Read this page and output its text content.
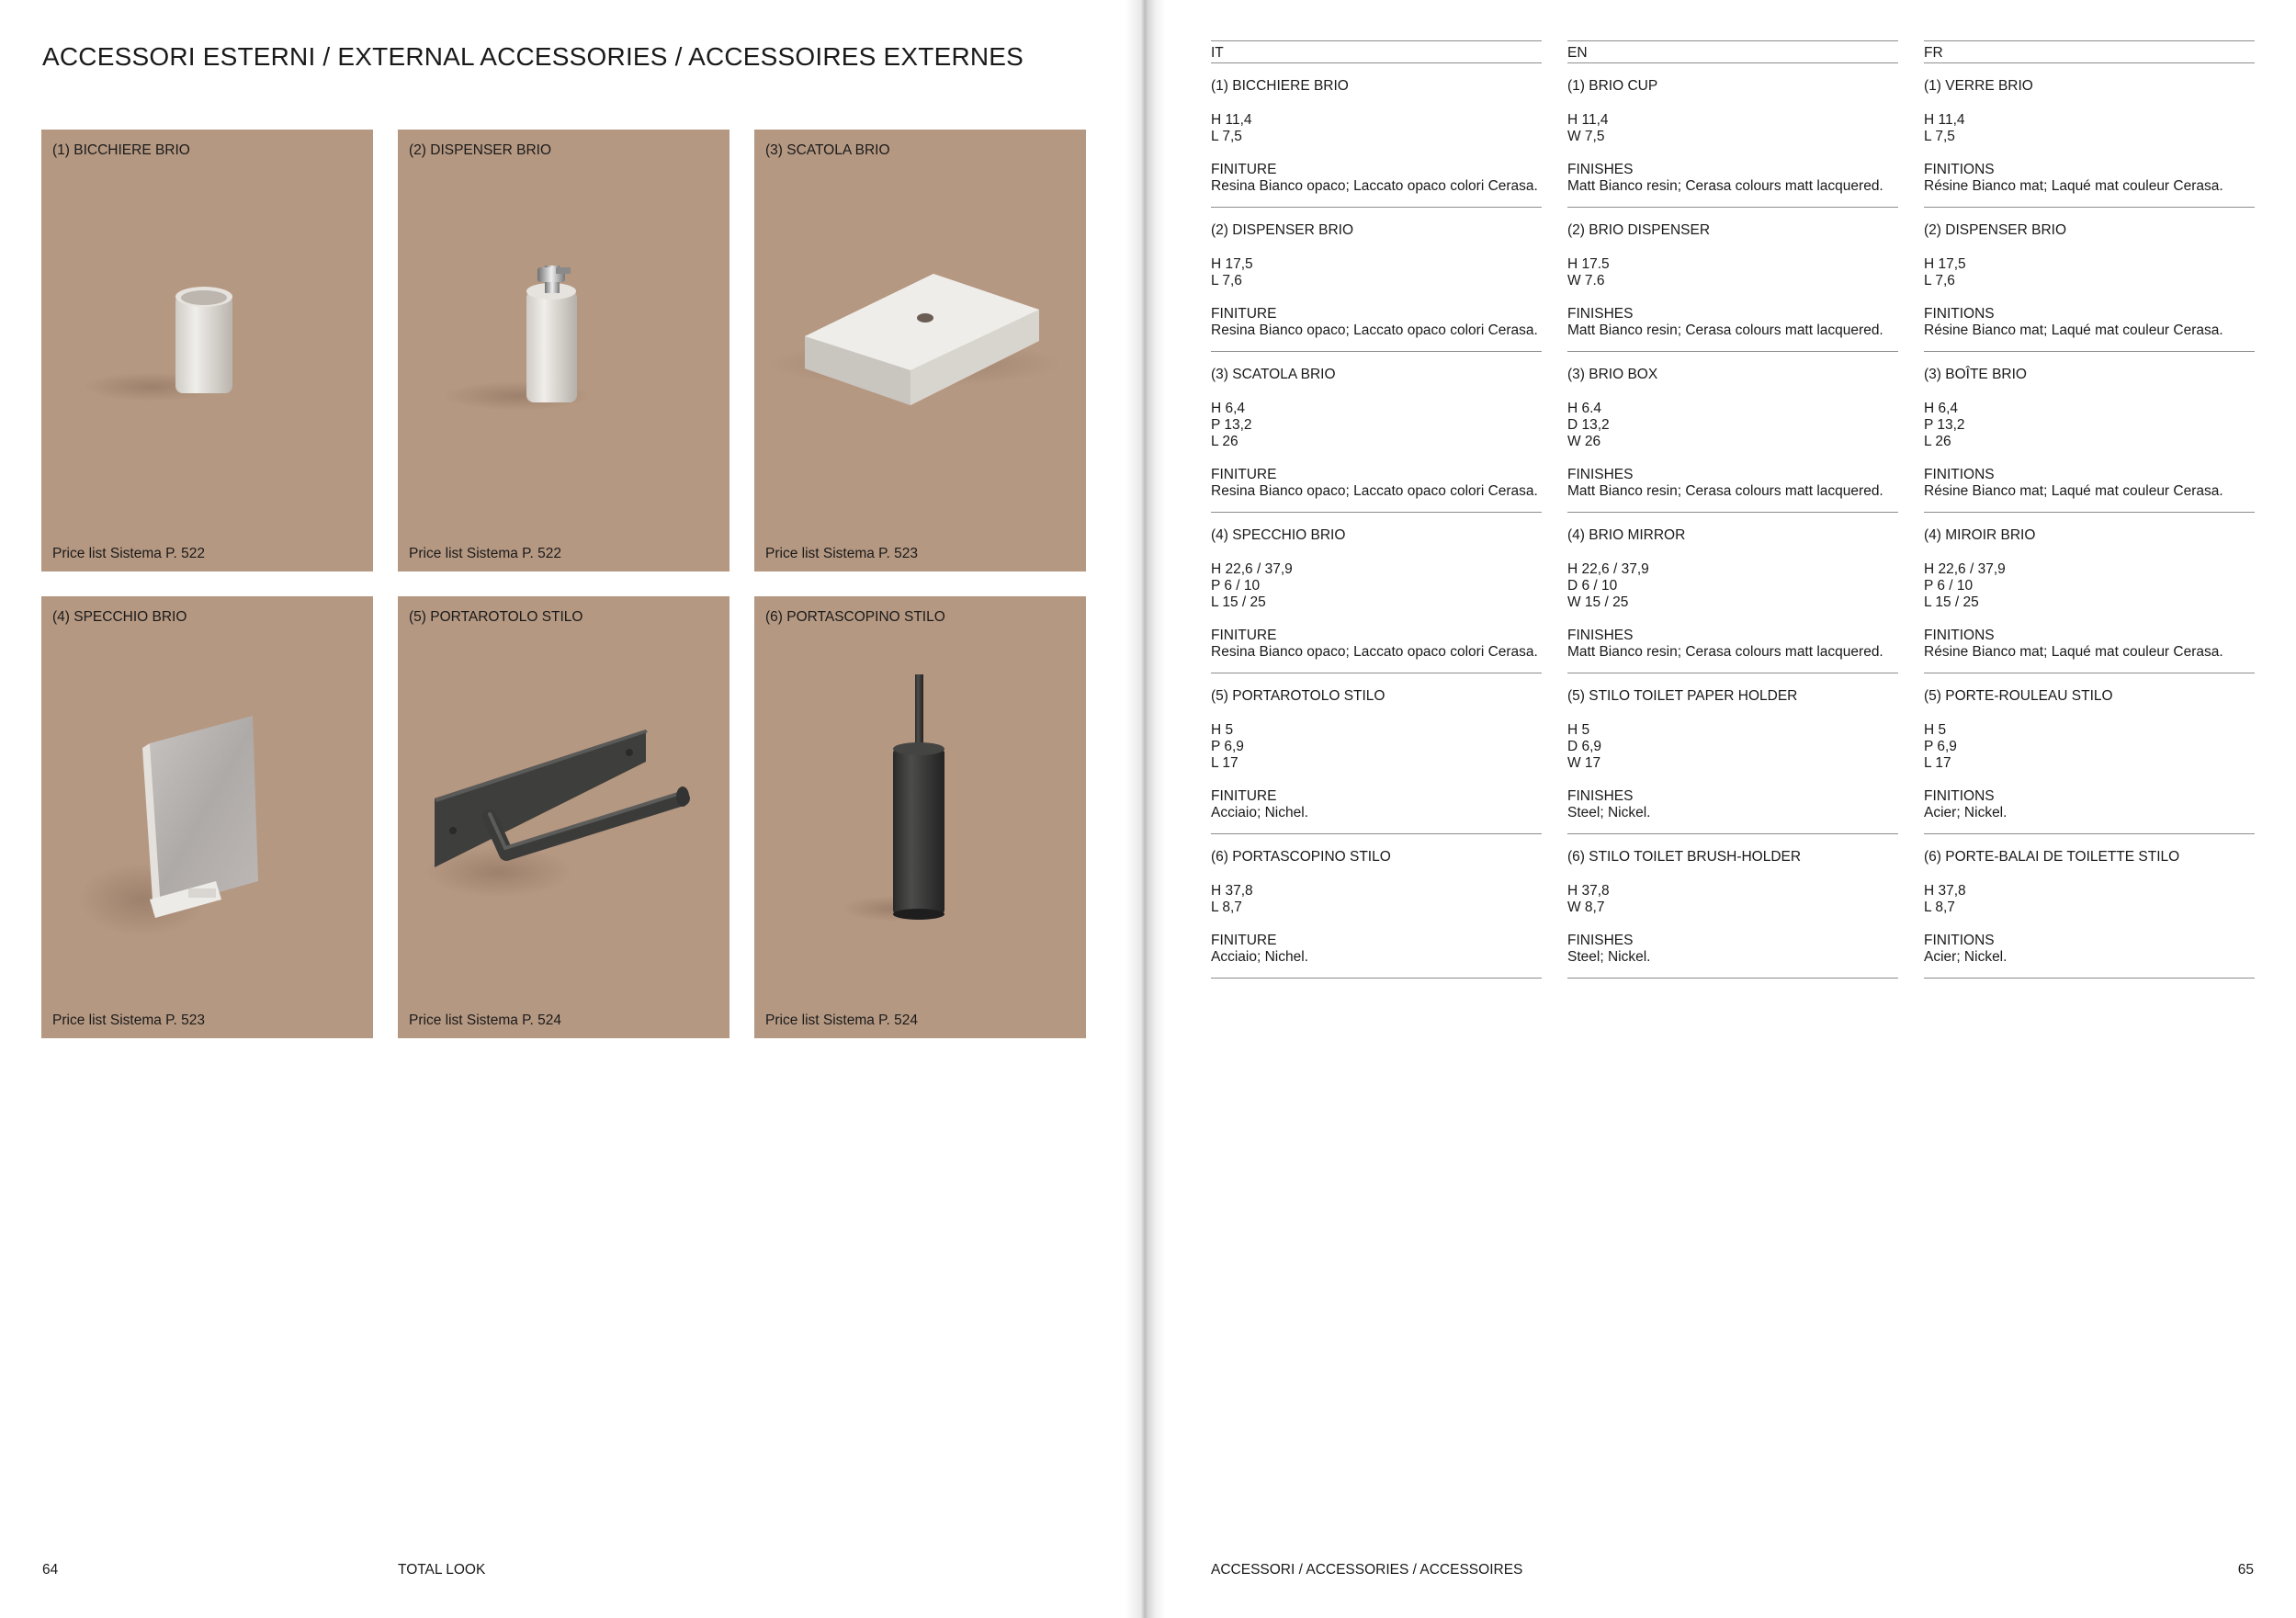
ACCESSORI ESTERNI / EXTERNAL ACCESSORIES / ACCESSOIRES EXTERNES
(1) BICCHIERE BRIO
Price list Sistema P. 522
(2) DISPENSER BRIO
Price list Sistema P. 522
(3) SCATOLA BRIO
Price list Sistema P. 523
(4) SPECCHIO BRIO
Price list Sistema P. 523
(5) PORTAROTOLO STILO
Price list Sistema P. 524
(6) PORTASCOPINO STILO
Price list Sistema P. 524
64	TOTAL LOOK
IT
(1) BICCHIERE BRIO
H 11,4
L 7,5
FINITURE
Resina Bianco opaco; Laccato opaco colori Cerasa.
(2) DISPENSER BRIO
H 17,5
L 7,6
FINITURE
Resina Bianco opaco; Laccato opaco colori Cerasa.
(3) SCATOLA BRIO
H 6,4
P 13,2
L 26
FINITURE
Resina Bianco opaco; Laccato opaco colori Cerasa.
(4) SPECCHIO BRIO
H 22,6 / 37,9
P 6 / 10
L 15 / 25
FINITURE
Resina Bianco opaco; Laccato opaco colori Cerasa.
(5) PORTAROTOLO STILO
H 5
P 6,9
L 17
FINITURE
Acciaio; Nichel.
(6) PORTASCOPINO STILO
H 37,8
L 8,7
FINITURE
Acciaio; Nichel.
EN
(1) BRIO CUP
H 11,4
W 7,5
FINISHES
Matt Bianco resin; Cerasa colours matt lacquered.
(2) BRIO DISPENSER
H 17.5
W 7.6
FINISHES
Matt Bianco resin; Cerasa colours matt lacquered.
(3) BRIO BOX
H 6.4
D 13,2
W 26
FINISHES
Matt Bianco resin; Cerasa colours matt lacquered.
(4) BRIO MIRROR
H 22,6 / 37,9
D 6 / 10
W 15 / 25
FINISHES
Matt Bianco resin; Cerasa colours matt lacquered.
(5) STILO TOILET PAPER HOLDER
H 5
D 6,9
W 17
FINISHES
Steel; Nickel.
(6) STILO TOILET BRUSH-HOLDER
H 37,8
W 8,7
FINISHES
Steel; Nickel.
FR
(1) VERRE BRIO
H 11,4
L 7,5
FINITIONS
Résine Bianco mat; Laqué mat couleur Cerasa.
(2) DISPENSER BRIO
H 17,5
L 7,6
FINITIONS
Résine Bianco mat; Laqué mat couleur Cerasa.
(3) BOÎTE BRIO
H 6,4
P 13,2
L 26
FINITIONS
Résine Bianco mat; Laqué mat couleur Cerasa.
(4) MIROIR BRIO
H 22,6 / 37,9
P 6 / 10
L 15 / 25
FINITIONS
Résine Bianco mat; Laqué mat couleur Cerasa.
(5) PORTE-ROULEAU STILO
H 5
P 6,9
L 17
FINITIONS
Acier; Nickel.
(6) PORTE-BALAI DE TOILETTE STILO
H 37,8
L 8,7
FINITIONS
Acier; Nickel.
ACCESSORI / ACCESSORIES / ACCESSOIRES	65
